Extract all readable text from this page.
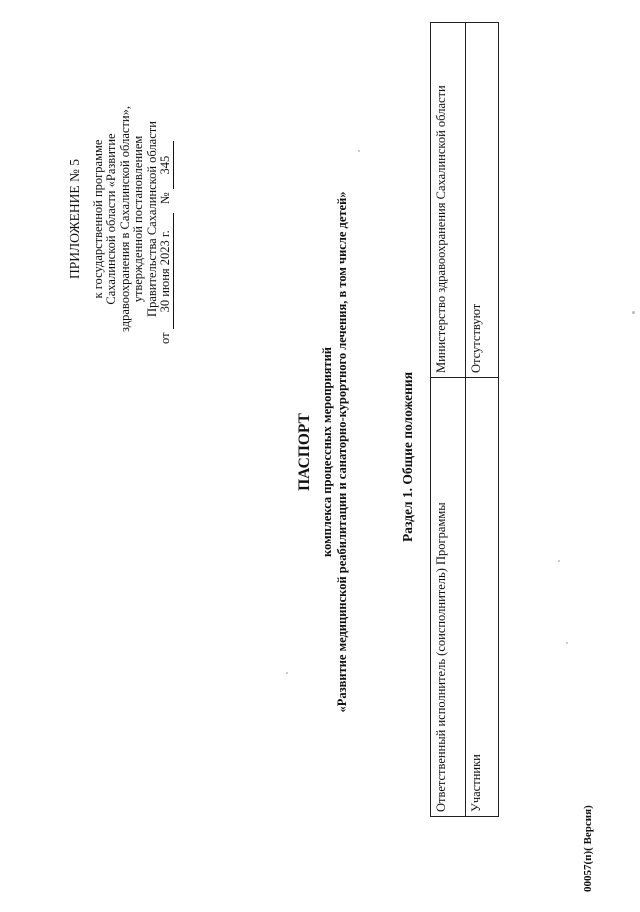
ПРИЛОЖЕНИЕ № 5 к государственной программе Сахалинской области «Развитие здравоохранения в Сахалинской области», утвержденной постановлением Правительства Сахалинской области
от 30 июня 2023 г. № 345
ПАСПОРТ комплекса процессных мероприятий «Развитие медицинской реабилитации и санаторно-курортного лечения, в том числе детей»	Раздел 1. Общие положения
Ответственный исполнитель (соисполнитель) Программы	Министерство здравоохранения Сахалинской области
Участники	Отсутствуют
00057(п)( Версия)
